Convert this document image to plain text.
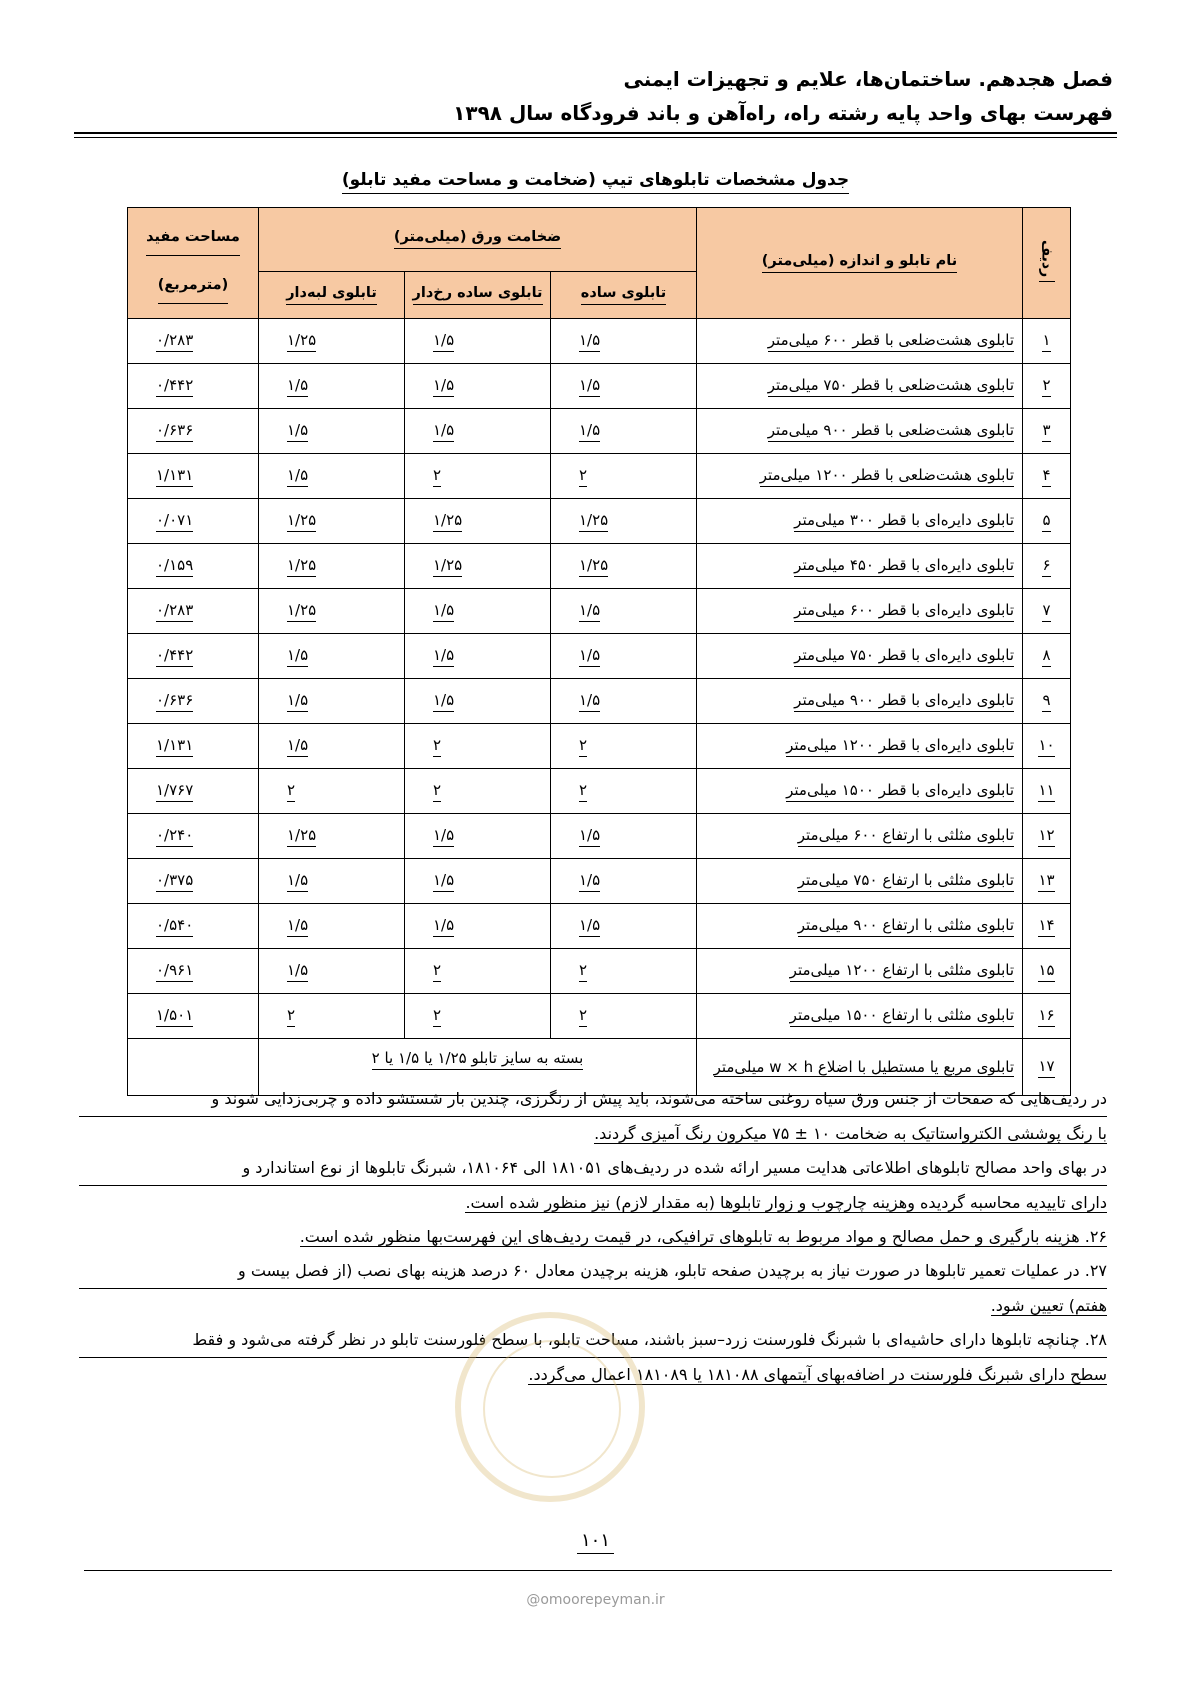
فصل هجدهم. ساختمان‌ها، علایم و تجهیزات ایمنی
فهرست بهای واحد پایه رشته راه، راه‌آهن و باند فرودگاه سال ۱۳۹۸
جدول مشخصات تابلوهای تیپ (ضخامت و مساحت مفید تابلو)
ردیف	نام تابلو و اندازه (میلی‌متر)	ضخامت ورق (میلی‌متر)			مساحت مفید
(مترمربع)

		تابلوی ساده	تابلوی ساده رخ‌دار	تابلوی لبه‌دار	
۱	تابلوی هشت‌ضلعی با قطر ۶۰۰ میلی‌متر	۱/۵	۱/۵	۱/۲۵	۰/۲۸۳

۲	تابلوی هشت‌ضلعی با قطر ۷۵۰ میلی‌متر	۱/۵	۱/۵	۱/۵	۰/۴۴۲

۳	تابلوی هشت‌ضلعی با قطر ۹۰۰ میلی‌متر	۱/۵	۱/۵	۱/۵	۰/۶۳۶

۴	تابلوی هشت‌ضلعی با قطر ۱۲۰۰ میلی‌متر	۲	۲	۱/۵	۱/۱۳۱

۵	تابلوی دایره‌ای با قطر ۳۰۰ میلی‌متر	۱/۲۵	۱/۲۵	۱/۲۵	۰/۰۷۱

۶	تابلوی دایره‌ای با قطر ۴۵۰ میلی‌متر	۱/۲۵	۱/۲۵	۱/۲۵	۰/۱۵۹

۷	تابلوی دایره‌ای با قطر ۶۰۰ میلی‌متر	۱/۵	۱/۵	۱/۲۵	۰/۲۸۳

۸	تابلوی دایره‌ای با قطر ۷۵۰ میلی‌متر	۱/۵	۱/۵	۱/۵	۰/۴۴۲

۹	تابلوی دایره‌ای با قطر ۹۰۰ میلی‌متر	۱/۵	۱/۵	۱/۵	۰/۶۳۶

۱۰	تابلوی دایره‌ای با قطر ۱۲۰۰ میلی‌متر	۲	۲	۱/۵	۱/۱۳۱

۱۱	تابلوی دایره‌ای با قطر ۱۵۰۰ میلی‌متر	۲	۲	۲	۱/۷۶۷

۱۲	تابلوی مثلثی با ارتفاع ۶۰۰ میلی‌متر	۱/۵	۱/۵	۱/۲۵	۰/۲۴۰

۱۳	تابلوی مثلثی با ارتفاع ۷۵۰ میلی‌متر	۱/۵	۱/۵	۱/۵	۰/۳۷۵

۱۴	تابلوی مثلثی با ارتفاع ۹۰۰ میلی‌متر	۱/۵	۱/۵	۱/۵	۰/۵۴۰

۱۵	تابلوی مثلثی با ارتفاع ۱۲۰۰ میلی‌متر	۲	۲	۱/۵	۰/۹۶۱

۱۶	تابلوی مثلثی با ارتفاع ۱۵۰۰ میلی‌متر	۲	۲	۲	۱/۵۰۱

۱۷	تابلوی مربع یا مستطیل با اضلاع w × h میلی‌متر	بسته به سایز تابلو ۱/۲۵ یا ۱/۵ یا ۲			

در ردیف‌هایی که صفحات از جنس ورق سیاه روغنی ساخته می‌شوند، باید پیش از رنگرزی، چندین بار شستشو داده و چربی‌زدایی شوند و

با رنگ پوششی الکترواستاتیک به ضخامت ۱۰ ± ۷۵ میکرون رنگ آمیزی گردند.

در بهای واحد مصالح تابلوهای اطلاعاتی هدایت مسیر ارائه شده در ردیف‌های ۱۸۱۰۵۱ الی ۱۸۱۰۶۴، شبرنگ تابلوها از نوع استاندارد و

دارای تاییدیه محاسبه گردیده وهزینه چارچوب و زوار تابلوها (به مقدار لازم) نیز منظور شده است.

۲۶. هزینه بارگیری و حمل مصالح و مواد مربوط به تابلوهای ترافیکی، در قیمت ردیف‌های این فهرست‌بها منظور شده است.

۲۷. در عملیات تعمیر تابلوها در صورت نیاز به برچیدن صفحه تابلو، هزینه برچیدن معادل ۶۰ درصد هزینه بهای نصب (از فصل بیست و

هفتم) تعیین شود.

۲۸. چنانچه تابلوها دارای حاشیه‌ای با شبرنگ فلورسنت زرد–سبز باشند، مساحت تابلو، با سطح فلورسنت تابلو در نظر گرفته می‌شود و فقط

سطح دارای شبرنگ فلورسنت در اضافه‌بهای آیتمهای ۱۸۱۰۸۸ یا ۱۸۱۰۸۹ اعمال می‌گردد.

۱۰۱
@omoorepeyman.ir
